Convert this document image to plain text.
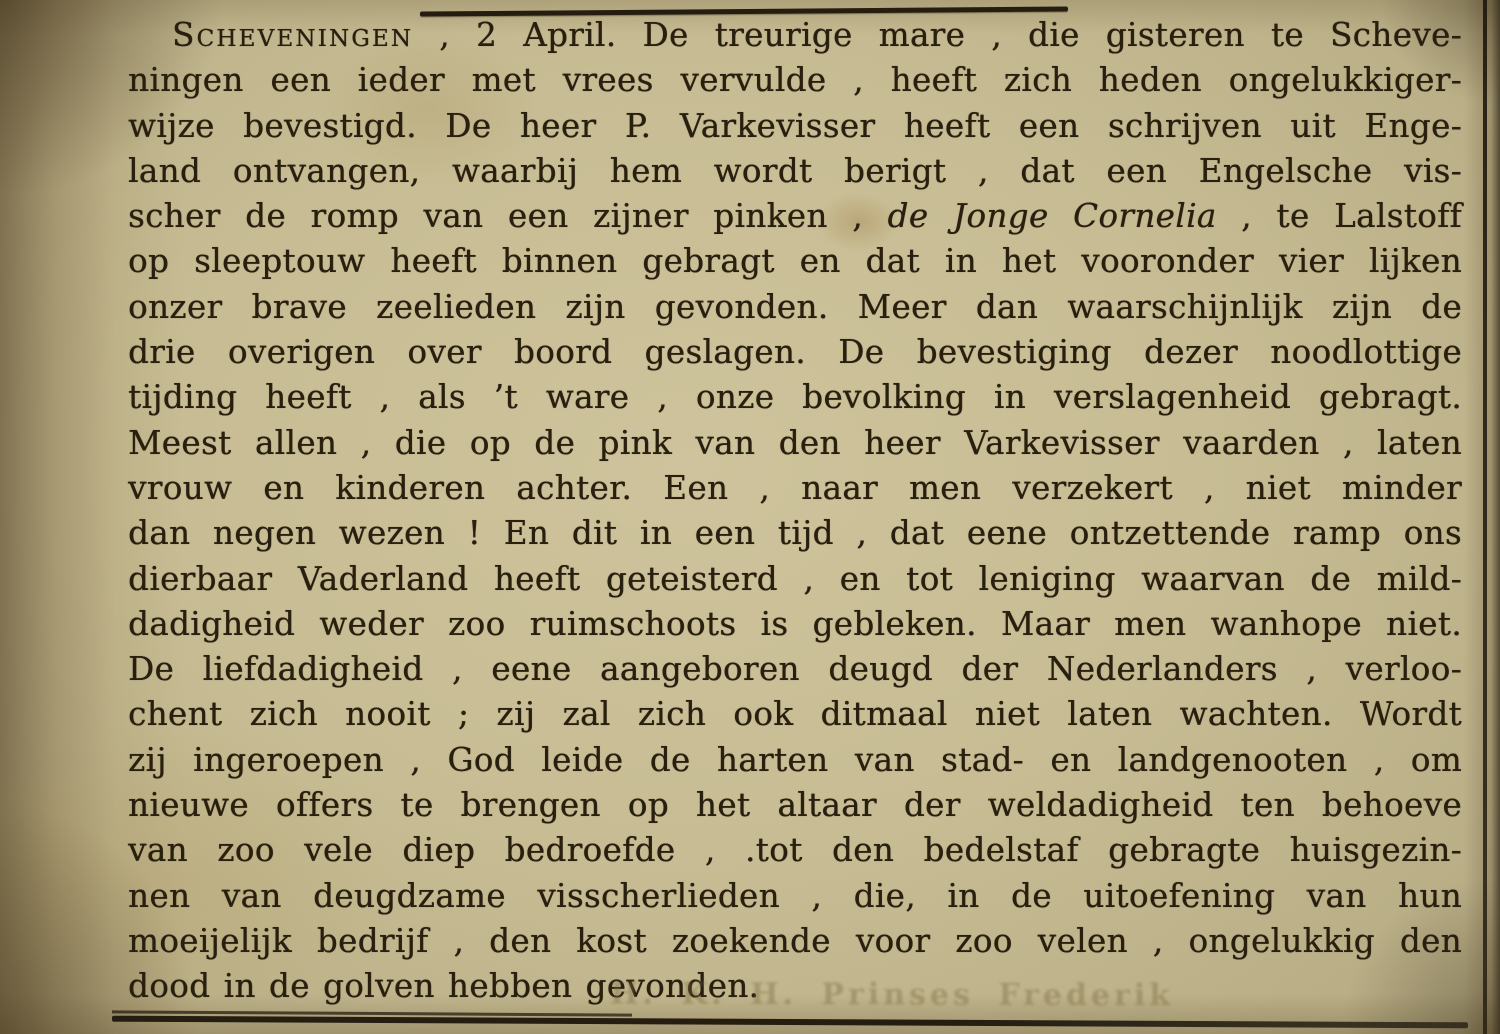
Scheveningen , 2 April. De treurige mare , die gisteren te Scheve-
ningen een ieder met vrees vervulde , heeft zich heden ongelukkiger-
wijze bevestigd. De heer P. Varkevisser heeft een schrijven uit Enge-
land ontvangen, waarbij hem wordt berigt , dat een Engelsche vis-
scher de romp van een zijner pinken , de Jonge Cornelia , te Lalstoff
op sleeptouw heeft binnen gebragt en dat in het vooronder vier lijken
onzer brave zeelieden zijn gevonden. Meer dan waarschijnlijk zijn de
drie overigen over boord geslagen. De bevestiging dezer noodlottige
tijding heeft , als ’t ware , onze bevolking in verslagenheid gebragt.
Meest allen , die op de pink van den heer Varkevisser vaarden , laten
vrouw en kinderen achter. Een , naar men verzekert , niet minder
dan negen wezen ! En dit in een tijd , dat eene ontzettende ramp ons
dierbaar Vaderland heeft geteisterd , en tot leniging waarvan de mild-
dadigheid weder zoo ruimschoots is gebleken. Maar men wanhope niet.
De liefdadigheid , eene aangeboren deugd der Nederlanders , verloo-
chent zich nooit ; zij zal zich ook ditmaal niet laten wachten. Wordt
zij ingeroepen , God leide de harten van stad- en landgenooten , om
nieuwe offers te brengen op het altaar der weldadigheid ten behoeve
van zoo vele diep bedroefde , .tot den bedelstaf gebragte huisgezin-
nen van deugdzame visscherlieden , die, in de uitoefening van hun
moeijelijk bedrijf , den kost zoekende voor zoo velen , ongelukkig den
dood in de golven hebben gevonden.
H. K. H. Prinses Frederik
